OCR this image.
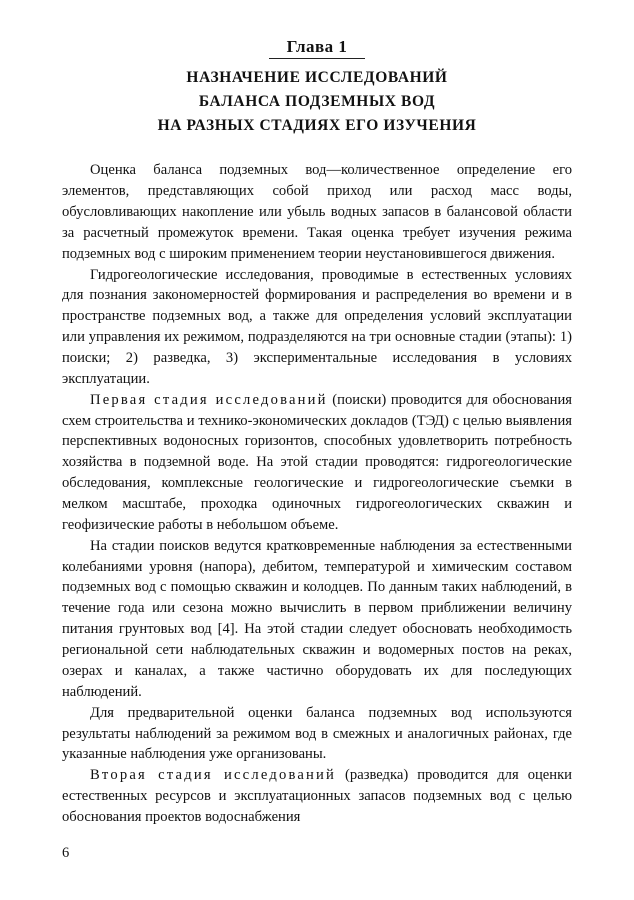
Глава 1
НАЗНАЧЕНИЕ ИССЛЕДОВАНИЙ
БАЛАНСА ПОДЗЕМНЫХ ВОД
НА РАЗНЫХ СТАДИЯХ ЕГО ИЗУЧЕНИЯ

Оценка баланса подземных вод—количественное определение его элементов, представляющих собой приход или расход масс воды, обусловливающих накопление или убыль водных запасов в балансовой области за расчетный промежуток времени. Такая оценка требует изучения режима подземных вод с широким применением теории неустановившегося движения.

Гидрогеологические исследования, проводимые в естественных условиях для познания закономерностей формирования и распределения во времени и в пространстве подземных вод, а также для определения условий эксплуатации или управления их режимом, подразделяются на три основные стадии (этапы): 1) поиски; 2) разведка, 3) экспериментальные исследования в условиях эксплуатации.

Первая стадия исследований (поиски) проводится для обоснования схем строительства и технико-экономических докладов (ТЭД) с целью выявления перспективных водоносных горизонтов, способных удовлетворить потребность хозяйства в подземной воде. На этой стадии проводятся: гидрогеологические обследования, комплексные геологические и гидрогеологические съемки в мелком масштабе, проходка одиночных гидрогеологических скважин и геофизические работы в небольшом объеме.

На стадии поисков ведутся кратковременные наблюдения за естественными колебаниями уровня (напора), дебитом, температурой и химическим составом подземных вод с помощью скважин и колодцев. По данным таких наблюдений, в течение года или сезона можно вычислить в первом приближении величину питания грунтовых вод [4]. На этой стадии следует обосновать необходимость региональной сети наблюдательных скважин и водомерных постов на реках, озерах и каналах, а также частично оборудовать их для последующих наблюдений.

Для предварительной оценки баланса подземных вод используются результаты наблюдений за режимом вод в смежных и аналогичных районах, где указанные наблюдения уже организованы.

Вторая стадия исследований (разведка) проводится для оценки естественных ресурсов и эксплуатационных запасов подземных вод с целью обоснования проектов водоснабжения

6
